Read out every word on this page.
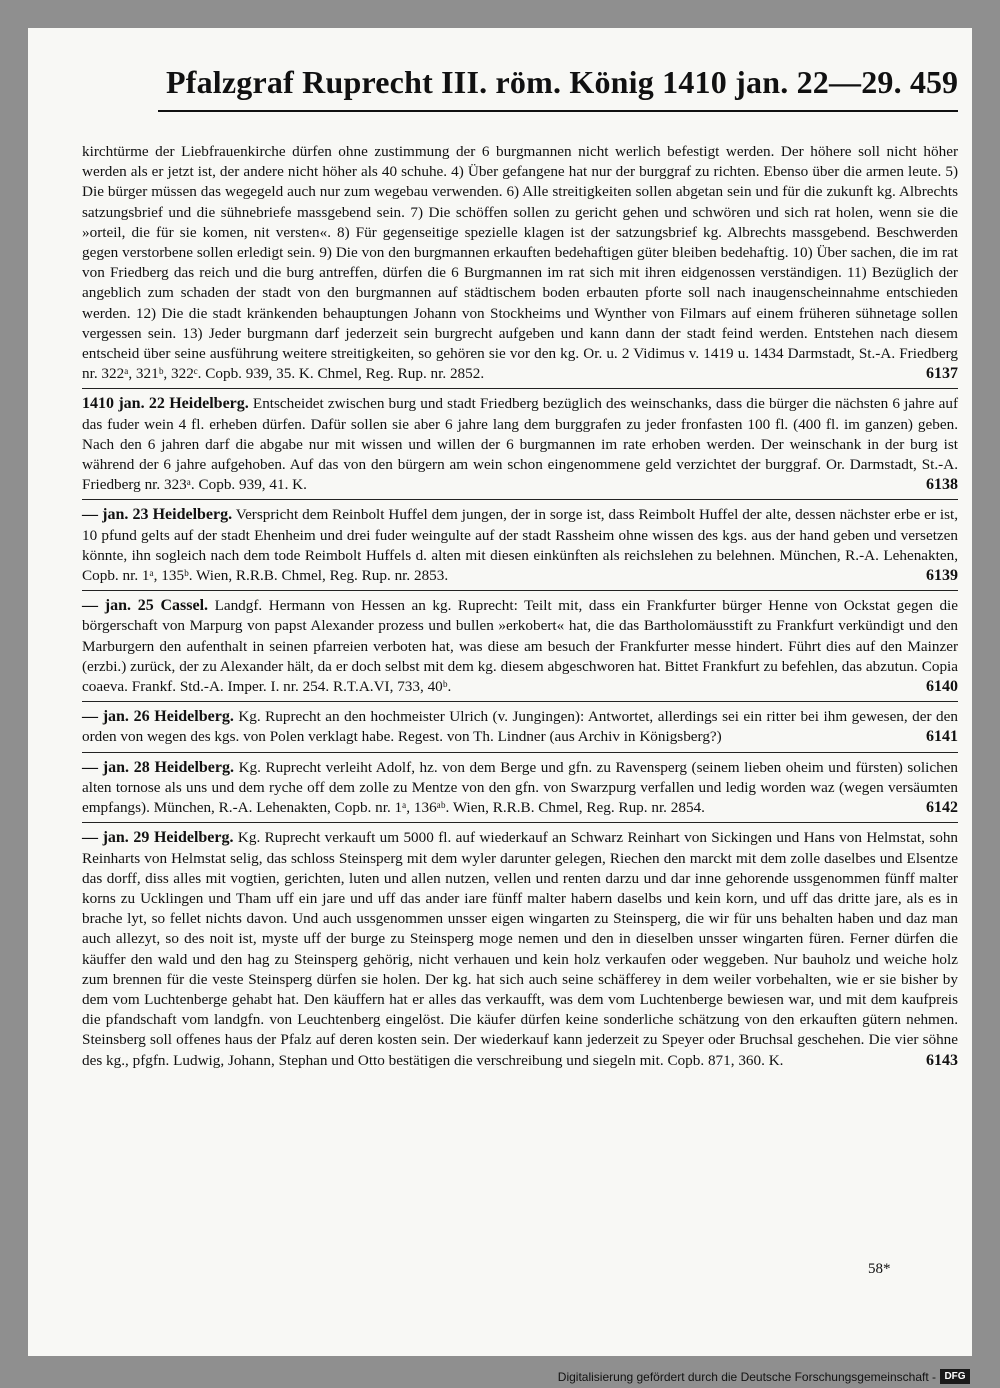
Pfalzgraf Ruprecht III. röm. König 1410 jan. 22—29. 459

kirchtürme der Liebfrauenkirche dürfen ohne zustimmung der 6 burgmannen nicht werlich befestigt werden. Der höhere soll nicht höher werden als er jetzt ist, der andere nicht höher als 40 schuhe. 4) Über gefangene hat nur der burggraf zu richten. Ebenso über die armen leute. 5) Die bürger müssen das wegegeld auch nur zum wegebau verwenden. 6) Alle streitigkeiten sollen abgetan sein und für die zukunft kg. Albrechts satzungsbrief und die sühnebriefe massgebend sein. 7) Die schöffen sollen zu gericht gehen und schwören und sich rat holen, wenn sie die »orteil, die für sie komen, nit versten«. 8) Für gegenseitige spezielle klagen ist der satzungsbrief kg. Albrechts massgebend. Beschwerden gegen verstorbene sollen erledigt sein. 9) Die von den burgmannen erkauften bedehaftigen güter bleiben bedehaftig. 10) Über sachen, die im rat von Friedberg das reich und die burg antreffen, dürfen die 6 Burgmannen im rat sich mit ihren eidgenossen verständigen. 11) Bezüglich der angeblich zum schaden der stadt von den burgmannen auf städtischem boden erbauten pforte soll nach inaugenscheinnahme entschieden werden. 12) Die die stadt kränkenden behauptungen Johann von Stockheims und Wynther von Filmars auf einem früheren sühnetage sollen vergessen sein. 13) Jeder burgmann darf jederzeit sein burgrecht aufgeben und kann dann der stadt feind werden. Entstehen nach diesem entscheid über seine ausführung weitere streitigkeiten, so gehören sie vor den kg. Or. u. 2 Vidimus v. 1419 u. 1434 Darmstadt, St.-A. Friedberg nr. 322ᵃ, 321ᵇ, 322ᶜ. Copb. 939, 35. K. Chmel, Reg. Rup. nr. 2852.	6137

1410 jan. 22 Heidelberg. Entscheidet zwischen burg und stadt Friedberg bezüglich des weinschanks, dass die bürger die nächsten 6 jahre auf das fuder wein 4 fl. erheben dürfen. Dafür sollen sie aber 6 jahre lang dem burggrafen zu jeder fronfasten 100 fl. (400 fl. im ganzen) geben. Nach den 6 jahren darf die abgabe nur mit wissen und willen der 6 burgmannen im rate erhoben werden. Der weinschank in der burg ist während der 6 jahre aufgehoben. Auf das von den bürgern am wein schon eingenommene geld verzichtet der burggraf. Or. Darmstadt, St.-A. Friedberg nr. 323ᵃ. Copb. 939, 41. K.	6138

— jan. 23 Heidelberg. Verspricht dem Reinbolt Huffel dem jungen, der in sorge ist, dass Reimbolt Huffel der alte, dessen nächster erbe er ist, 10 pfund gelts auf der stadt Ehenheim und drei fuder weingulte auf der stadt Rassheim ohne wissen des kgs. aus der hand geben und versetzen könnte, ihn sogleich nach dem tode Reimbolt Huffels d. alten mit diesen einkünften als reichslehen zu belehnen. München, R.-A. Lehenakten, Copb. nr. 1ᵃ, 135ᵇ. Wien, R.R.B. Chmel, Reg. Rup. nr. 2853.	6139

— jan. 25 Cassel. Landgf. Hermann von Hessen an kg. Ruprecht: Teilt mit, dass ein Frankfurter bürger Henne von Ockstat gegen die börgerschaft von Marpurg von papst Alexander prozess und bullen »erkobert« hat, die das Bartholomäusstift zu Frankfurt verkündigt und den Marburgern den aufenthalt in seinen pfarreien verboten hat, was diese am besuch der Frankfurter messe hindert. Führt dies auf den Mainzer (erzbi.) zurück, der zu Alexander hält, da er doch selbst mit dem kg. diesem abgeschworen hat. Bittet Frankfurt zu befehlen, das abzutun. Copia coaeva. Frankf. Std.-A. Imper. I. nr. 254. R.T.A.VI, 733, 40ᵇ.	6140

— jan. 26 Heidelberg. Kg. Ruprecht an den hochmeister Ulrich (v. Jungingen): Antwortet, allerdings sei ein ritter bei ihm gewesen, der den orden von wegen des kgs. von Polen verklagt habe. Regest. von Th. Lindner (aus Archiv in Königsberg?)	6141

— jan. 28 Heidelberg. Kg. Ruprecht verleiht Adolf, hz. von dem Berge und gfn. zu Ravensperg (seinem lieben oheim und fürsten) solichen alten tornose als uns und dem ryche off dem zolle zu Mentze von den gfn. von Swarzpurg verfallen und ledig worden waz (wegen versäumten empfangs). München, R.-A. Lehenakten, Copb. nr. 1ᵃ, 136ᵃᵇ. Wien, R.R.B. Chmel, Reg. Rup. nr. 2854.	6142

— jan. 29 Heidelberg. Kg. Ruprecht verkauft um 5000 fl. auf wiederkauf an Schwarz Reinhart von Sickingen und Hans von Helmstat, sohn Reinharts von Helmstat selig, das schloss Steinsperg mit dem wyler darunter gelegen, Riechen den marckt mit dem zolle daselbes und Elsentze das dorff, diss alles mit vogtien, gerichten, luten und allen nutzen, vellen und renten darzu und dar inne gehorende ussgenommen fünff malter korns zu Ucklingen und Tham uff ein jare und uff das ander iare fünff malter habern daselbs und kein korn, und uff das dritte jare, als es in brache lyt, so fellet nichts davon. Und auch ussgenommen unsser eigen wingarten zu Steinsperg, die wir für uns behalten haben und daz man auch allezyt, so des noit ist, myste uff der burge zu Steinsperg moge nemen und den in dieselben unsser wingarten füren. Ferner dürfen die käuffer den wald und den hag zu Steinsperg gehörig, nicht verhauen und kein holz verkaufen oder weggeben. Nur bauholz und weiche holz zum brennen für die veste Steinsperg dürfen sie holen. Der kg. hat sich auch seine schäfferey in dem weiler vorbehalten, wie er sie bisher by dem vom Luchtenberge gehabt hat. Den käuffern hat er alles das verkaufft, was dem vom Luchtenberge bewiesen war, und mit dem kaufpreis die pfandschaft vom landgfn. von Leuchtenberg eingelöst. Die käufer dürfen keine sonderliche schätzung von den erkauften gütern nehmen. Steinsberg soll offenes haus der Pfalz auf deren kosten sein. Der wiederkauf kann jederzeit zu Speyer oder Bruchsal geschehen. Die vier söhne des kg., pfgfn. Ludwig, Johann, Stephan und Otto bestätigen die verschreibung und siegeln mit. Copb. 871, 360. K.	6143

58*
Digitalisierung gefördert durch die Deutsche Forschungsgemeinschaft - DFG
